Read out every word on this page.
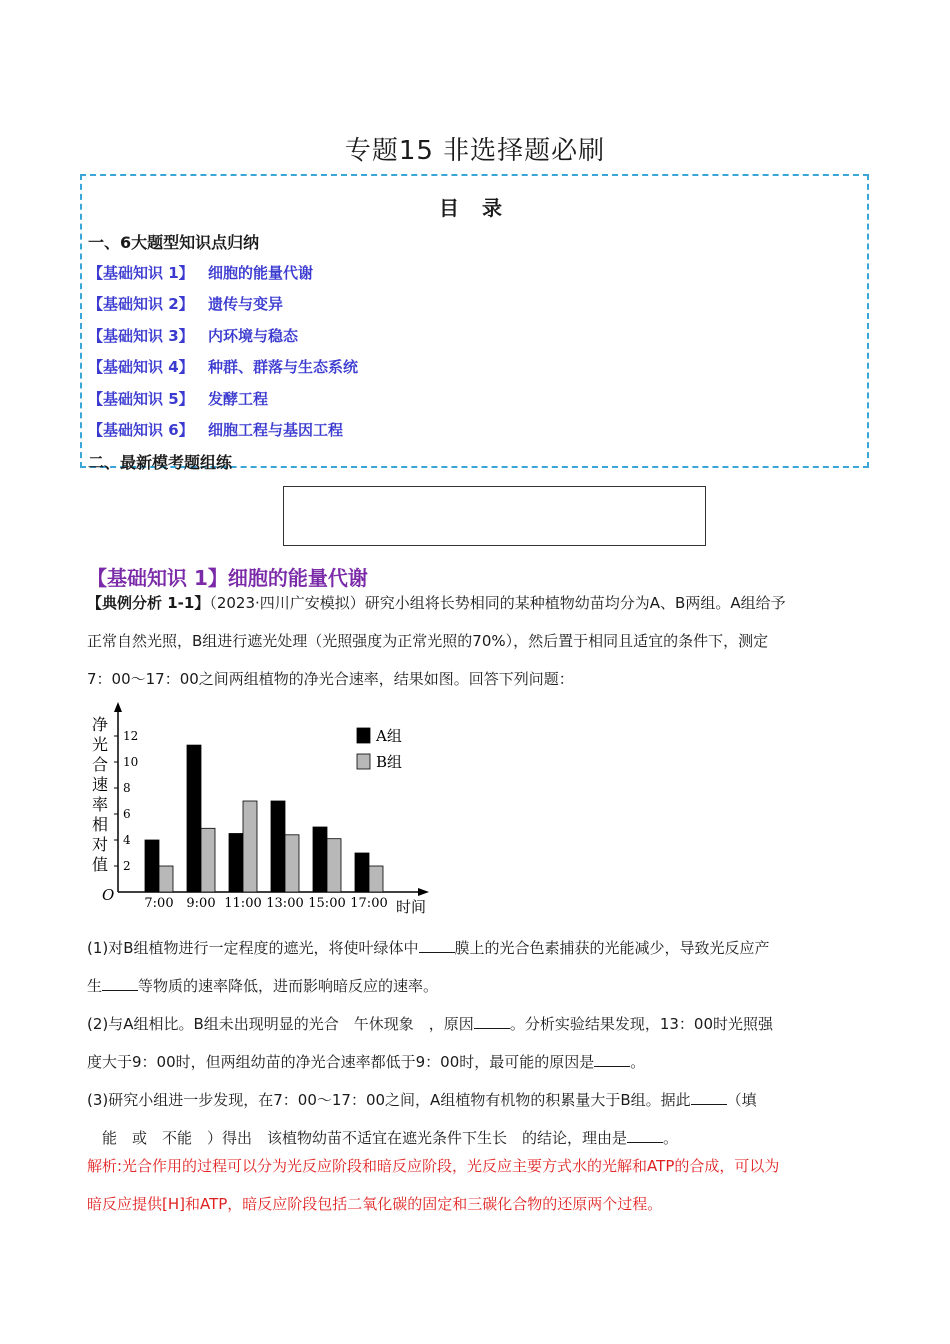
专题15 非选择题必刷
目 录
一、6大题型知识点归纳
【基础知识 1】 细胞的能量代谢
【基础知识 2】 遗传与变异
【基础知识 3】 内环境与稳态
【基础知识 4】 种群、群落与生态系统
【基础知识 5】 发酵工程
【基础知识 6】 细胞工程与基因工程
二、最新模考题组练
【基础知识 1】细胞的能量代谢
【典例分析 1-1】（2023·四川广安模拟）研究小组将长势相同的某种植物幼苗均分为A、B两组。A组给予
正常自然光照，B组进行遮光处理（光照强度为正常光照的70%），然后置于相同且适宜的条件下，测定
7：00～17：00之间两组植物的净光合速率，结果如图。回答下列问题：
净
光
合
速
率
相
对
值
O
时间
2
4
6
8
10
12
7:00 9:00 11:00 13:00 15:00 17:00
A组
B组
(1)对B组植物进行一定程度的遮光，将使叶绿体中 膜上的光合色素捕获的光能减少，导致光反应产
生 等物质的速率降低，进而影响暗反应的速率。
(2)与A组相比。B组未出现明显的光合　午休现象　，原因 。分析实验结果发现，13：00时光照强
度大于9：00时，但两组幼苗的净光合速率都低于9：00时，最可能的原因是 。
(3)研究小组进一步发现，在7：00～17：00之间，A组植物有机物的积累量大于B组。据此 （填
　能　或　不能　）得出　该植物幼苗不适宜在遮光条件下生长　的结论，理由是 。
解析:光合作用的过程可以分为光反应阶段和暗反应阶段，光反应主要方式水的光解和ATP的合成，可以为
暗反应提供[H]和ATP，暗反应阶段包括二氧化碳的固定和三碳化合物的还原两个过程。
